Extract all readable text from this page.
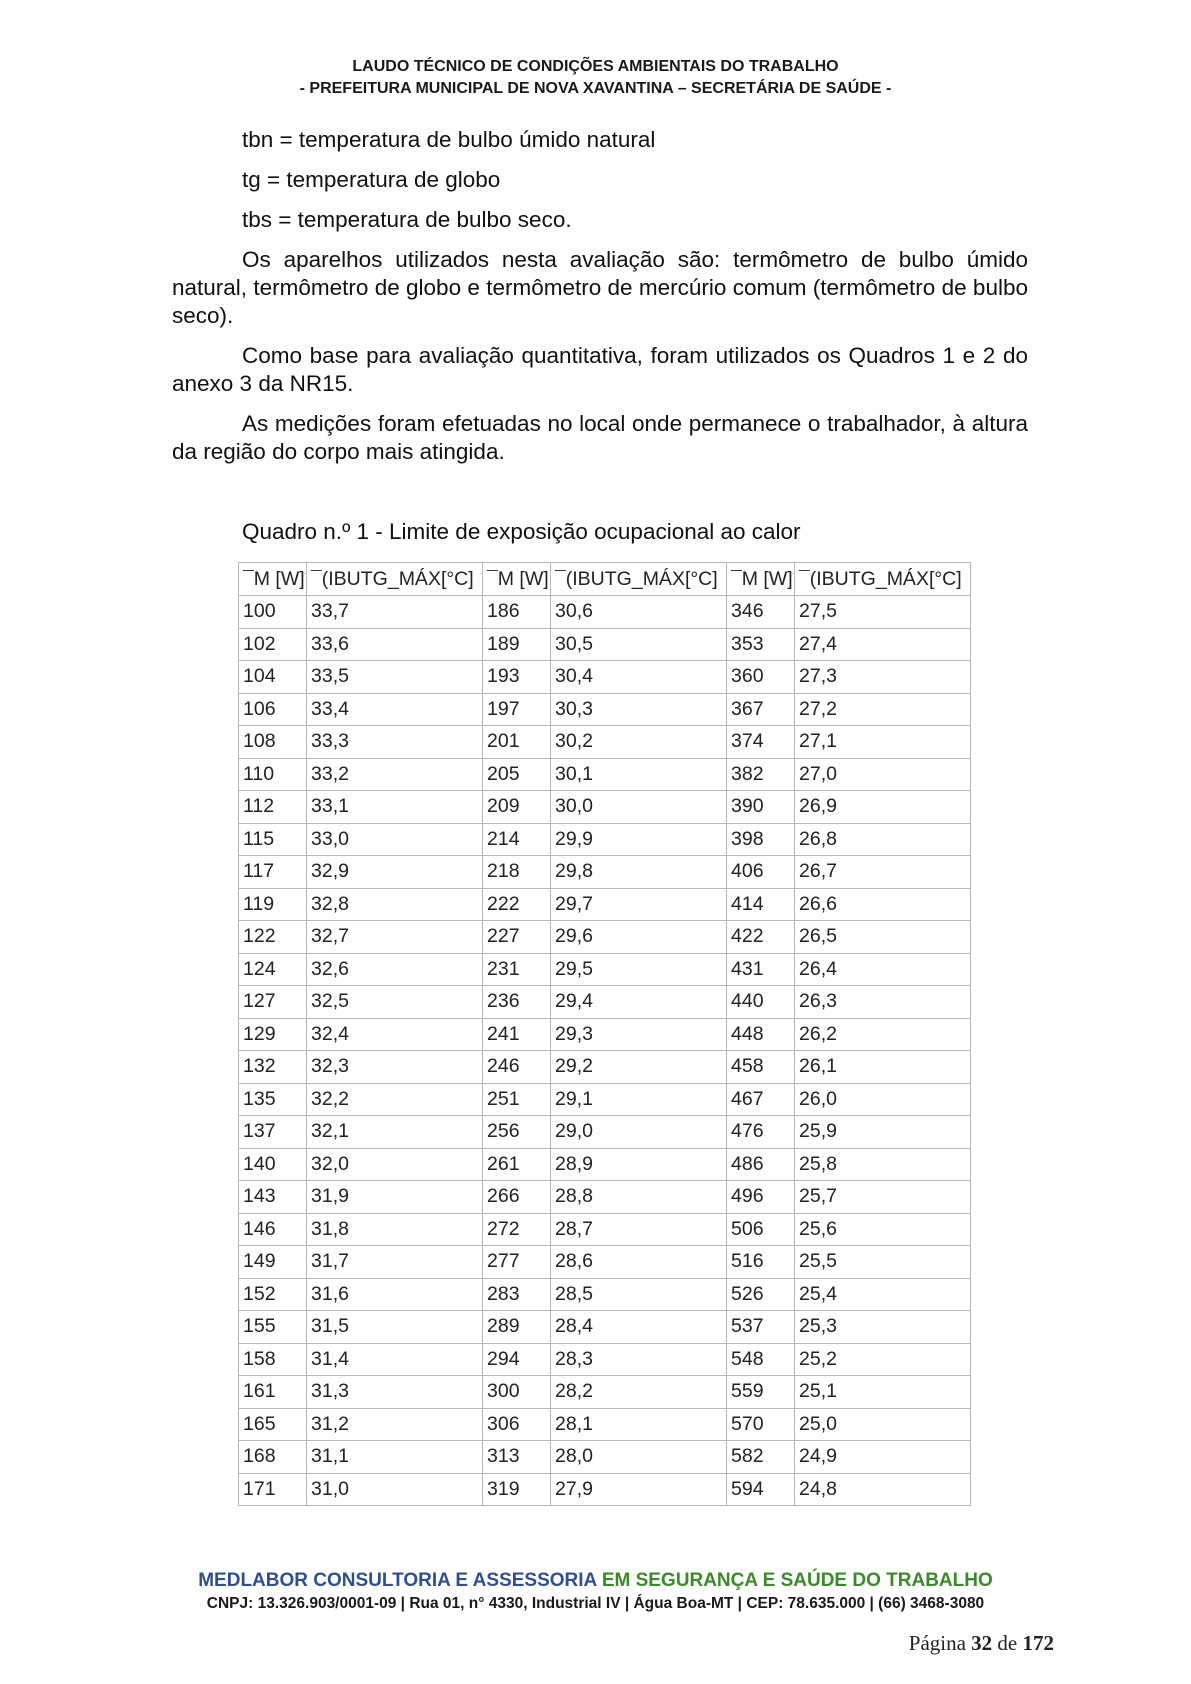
LAUDO TÉCNICO DE CONDIÇÕES AMBIENTAIS DO TRABALHO
- PREFEITURA MUNICIPAL DE NOVA XAVANTINA – SECRETÁRIA DE SAÚDE -

tbn = temperatura de bulbo úmido natural

tg = temperatura de globo

tbs = temperatura de bulbo seco.

Os aparelhos utilizados nesta avaliação são: termômetro de bulbo úmido natural, termômetro de globo e termômetro de mercúrio comum (termômetro de bulbo seco).

Como base para avaliação quantitativa, foram utilizados os Quadros 1 e 2 do anexo 3 da NR15.

As medições foram efetuadas no local onde permanece o trabalhador, à altura da região do corpo mais atingida.

Quadro n.º 1 - Limite de exposição ocupacional ao calor
¯M [W]	¯(IBUTG_MÁX[°C]	¯M [W]	¯(IBUTG_MÁX[°C]	¯M [W]	¯(IBUTG_MÁX[°C]
100	33,7	186	30,6	346	27,5
102	33,6	189	30,5	353	27,4
104	33,5	193	30,4	360	27,3
106	33,4	197	30,3	367	27,2
108	33,3	201	30,2	374	27,1
110	33,2	205	30,1	382	27,0
112	33,1	209	30,0	390	26,9
115	33,0	214	29,9	398	26,8
117	32,9	218	29,8	406	26,7
119	32,8	222	29,7	414	26,6
122	32,7	227	29,6	422	26,5
124	32,6	231	29,5	431	26,4
127	32,5	236	29,4	440	26,3
129	32,4	241	29,3	448	26,2
132	32,3	246	29,2	458	26,1
135	32,2	251	29,1	467	26,0
137	32,1	256	29,0	476	25,9
140	32,0	261	28,9	486	25,8
143	31,9	266	28,8	496	25,7
146	31,8	272	28,7	506	25,6
149	31,7	277	28,6	516	25,5
152	31,6	283	28,5	526	25,4
155	31,5	289	28,4	537	25,3
158	31,4	294	28,3	548	25,2
161	31,3	300	28,2	559	25,1
165	31,2	306	28,1	570	25,0
168	31,1	313	28,0	582	24,9
171	31,0	319	27,9	594	24,8
MEDLABOR CONSULTORIA E ASSESSORIA EM SEGURANÇA E SAÚDE DO TRABALHO
CNPJ: 13.326.903/0001-09 | Rua 01, n° 4330, Industrial IV | Água Boa-MT | CEP: 78.635.000 | (66) 3468-3080
Página 32 de 172
